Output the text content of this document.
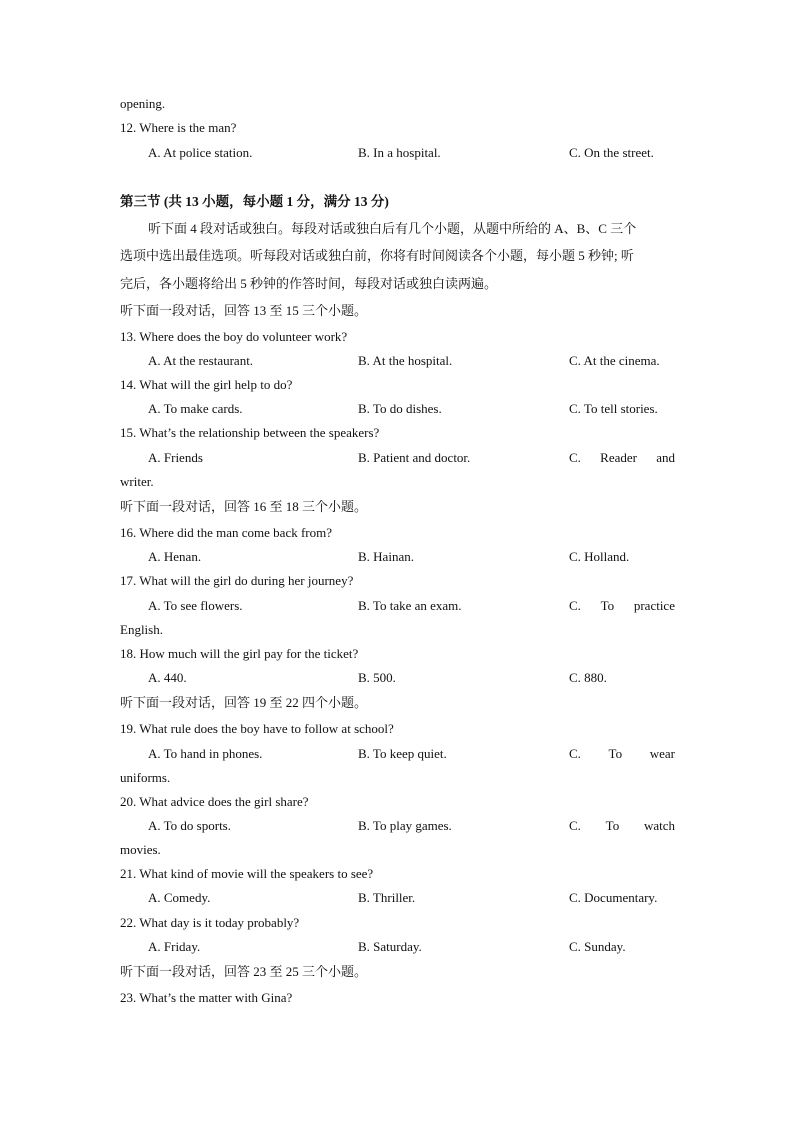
opening.
12. Where is the man?
A. At police station.	B. In a hospital.	C. On the street.
第三节 (共 13 小题，每小题 1 分，满分 13 分)
听下面 4 段对话或独白。每段对话或独白后有几个小题，从题中所给的 A、B、C 三个
选项中选出最佳选项。听每段对话或独白前，你将有时间阅读各个小题，每小题 5 秒钟; 听
完后，各小题将给出 5 秒钟的作答时间，每段对话或独白读两遍。
听下面一段对话，回答 13 至 15 三个小题。
13. Where does the boy do volunteer work?
A. At the restaurant.	B. At the hospital.	C. At the cinema.
14. What will the girl help to do?
A. To make cards.	B. To do dishes.	C. To tell stories.
15. What’s the relationship between the speakers?
A. Friends	B. Patient and doctor.	C. Reader and
writer.
听下面一段对话，回答 16 至 18 三个小题。
16. Where did the man come back from?
A. Henan.	B. Hainan.	C. Holland.
17. What will the girl do during her journey?
A. To see flowers.	B. To take an exam.	C. To practice
English.
18. How much will the girl pay for the ticket?
A. 440.	B. 500.	C. 880.
听下面一段对话，回答 19 至 22 四个小题。
19. What rule does the boy have to follow at school?
A. To hand in phones.	B. To keep quiet.	C. To wear
uniforms.
20. What advice does the girl share?
A. To do sports.	B. To play games.	C. To watch
movies.
21. What kind of movie will the speakers to see?
A. Comedy.	B. Thriller.	C. Documentary.
22. What day is it today probably?
A. Friday.	B. Saturday.	C. Sunday.
听下面一段对话，回答 23 至 25 三个小题。
23. What’s the matter with Gina?
